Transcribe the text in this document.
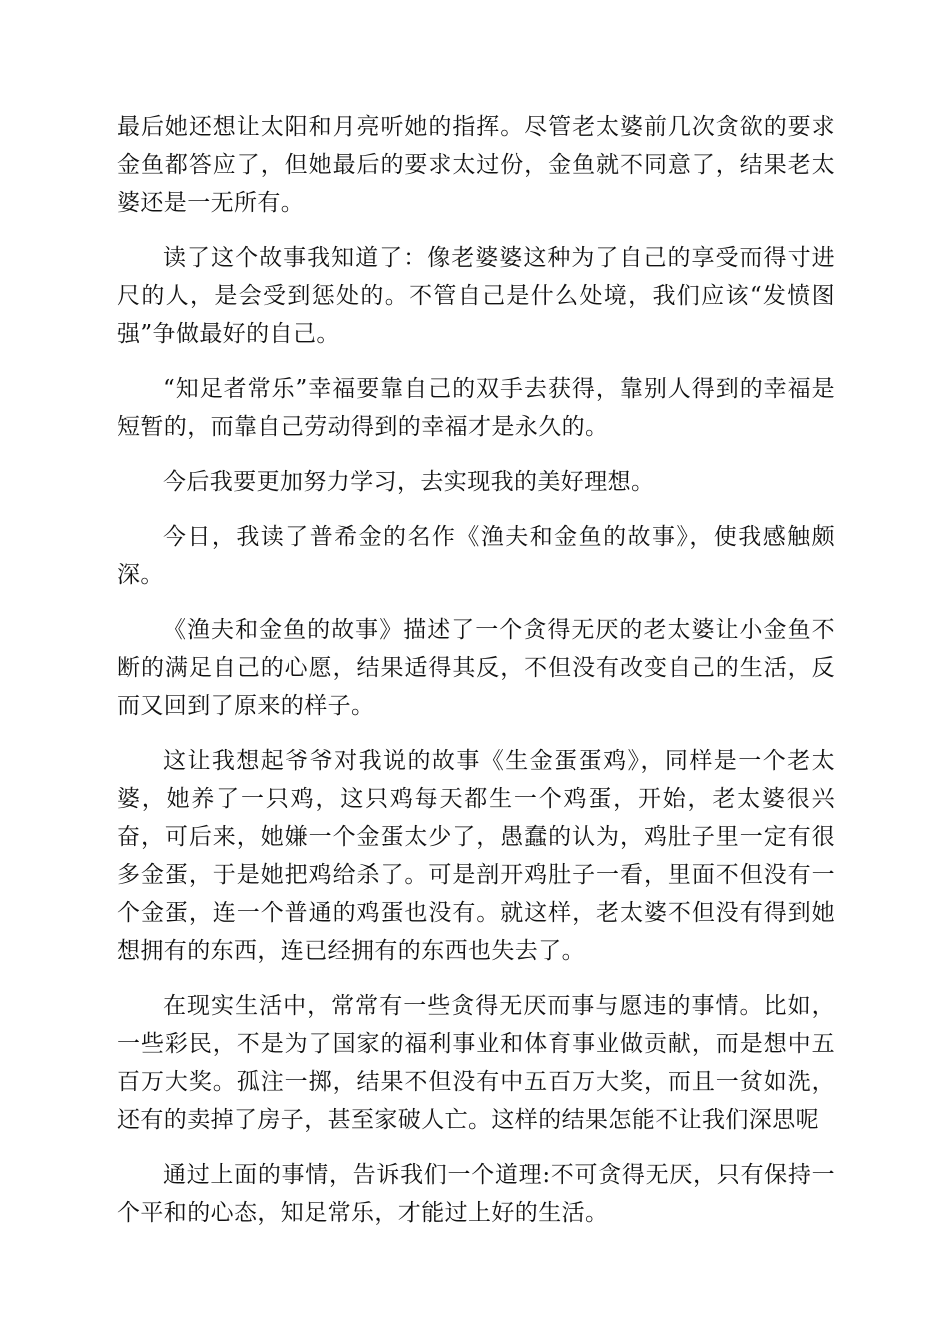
最后她还想让太阳和月亮听她的指挥。尽管老太婆前几次贪欲的要求金鱼都答应了，但她最后的要求太过份，金鱼就不同意了，结果老太婆还是一无所有。

读了这个故事我知道了：像老婆婆这种为了自己的享受而得寸进尺的人，是会受到惩处的。不管自己是什么处境，我们应该“发愤图强”争做最好的自己。

“知足者常乐”幸福要靠自己的双手去获得，靠别人得到的幸福是短暂的，而靠自己劳动得到的幸福才是永久的。

今后我要更加努力学习，去实现我的美好理想。

今日，我读了普希金的名作《渔夫和金鱼的故事》，使我感触颇深。

《渔夫和金鱼的故事》描述了一个贪得无厌的老太婆让小金鱼不断的满足自己的心愿，结果适得其反，不但没有改变自己的生活，反而又回到了原来的样子。

这让我想起爷爷对我说的故事《生金蛋蛋鸡》，同样是一个老太婆，她养了一只鸡，这只鸡每天都生一个鸡蛋，开始，老太婆很兴奋，可后来，她嫌一个金蛋太少了，愚蠢的认为，鸡肚子里一定有很多金蛋，于是她把鸡给杀了。可是剖开鸡肚子一看，里面不但没有一个金蛋，连一个普通的鸡蛋也没有。就这样，老太婆不但没有得到她想拥有的东西，连已经拥有的东西也失去了。

在现实生活中，常常有一些贪得无厌而事与愿违的事情。比如，一些彩民，不是为了国家的福利事业和体育事业做贡献，而是想中五百万大奖。孤注一掷，结果不但没有中五百万大奖，而且一贫如洗，还有的卖掉了房子，甚至家破人亡。这样的结果怎能不让我们深思呢

通过上面的事情，告诉我们一个道理:不可贪得无厌，只有保持一个平和的心态，知足常乐，才能过上好的生活。
